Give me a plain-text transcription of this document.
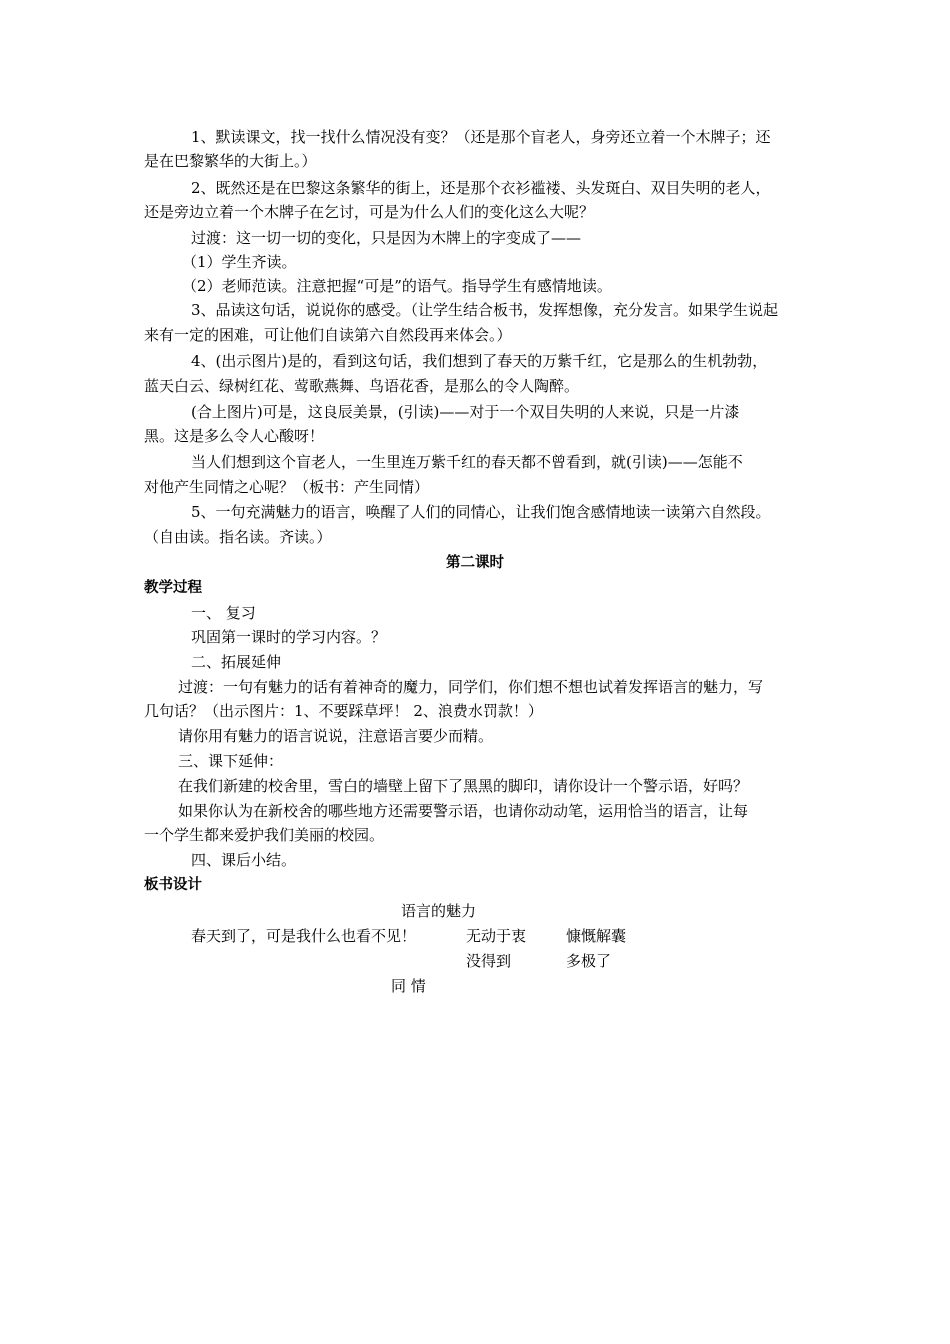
1、默读课文，找一找什么情况没有变？（还是那个盲老人，身旁还立着一个木牌子；还
是在巴黎繁华的大街上。）
2、既然还是在巴黎这条繁华的街上，还是那个衣衫褴褛、头发斑白、双目失明的老人，
还是旁边立着一个木牌子在乞讨，可是为什么人们的变化这么大呢？
过渡：这一切一切的变化，只是因为木牌上的字变成了——
（1）学生齐读。
（2）老师范读。注意把握“可是”的语气。指导学生有感情地读。
3、品读这句话，说说你的感受。（让学生结合板书，发挥想像，充分发言。如果学生说起
来有一定的困难，可让他们自读第六自然段再来体会。）
4、(出示图片)是的，看到这句话，我们想到了春天的万紫千红，它是那么的生机勃勃，
蓝天白云、绿树红花、莺歌燕舞、鸟语花香，是那么的令人陶醉。
(合上图片)可是，这良辰美景，(引读)——对于一个双目失明的人来说，只是一片漆
黑。这是多么令人心酸呀！
当人们想到这个盲老人，一生里连万紫千红的春天都不曾看到，就(引读)——怎能不
对他产生同情之心呢？（板书：产生同情）
5、一句充满魅力的语言，唤醒了人们的同情心，让我们饱含感情地读一读第六自然段。
（自由读。指名读。齐读。）
第二课时
教学过程
一、 复习
巩固第一课时的学习内容。？
二、拓展延伸
过渡：一句有魅力的话有着神奇的魔力，同学们，你们想不想也试着发挥语言的魅力，写
几句话？（出示图片：1、不要踩草坪！ 2、浪费水罚款！）
请你用有魅力的语言说说，注意语言要少而精。
三、课下延伸：
在我们新建的校舍里，雪白的墙壁上留下了黑黑的脚印，请你设计一个警示语，好吗？
如果你认为在新校舍的哪些地方还需要警示语，也请你动动笔，运用恰当的语言，让每
一个学生都来爱护我们美丽的校园。
四、课后小结。
板书设计
语言的魅力
春天到了，可是我什么也看不见！	无动于衷	慷慨解囊
没得到	多极了
同 情
